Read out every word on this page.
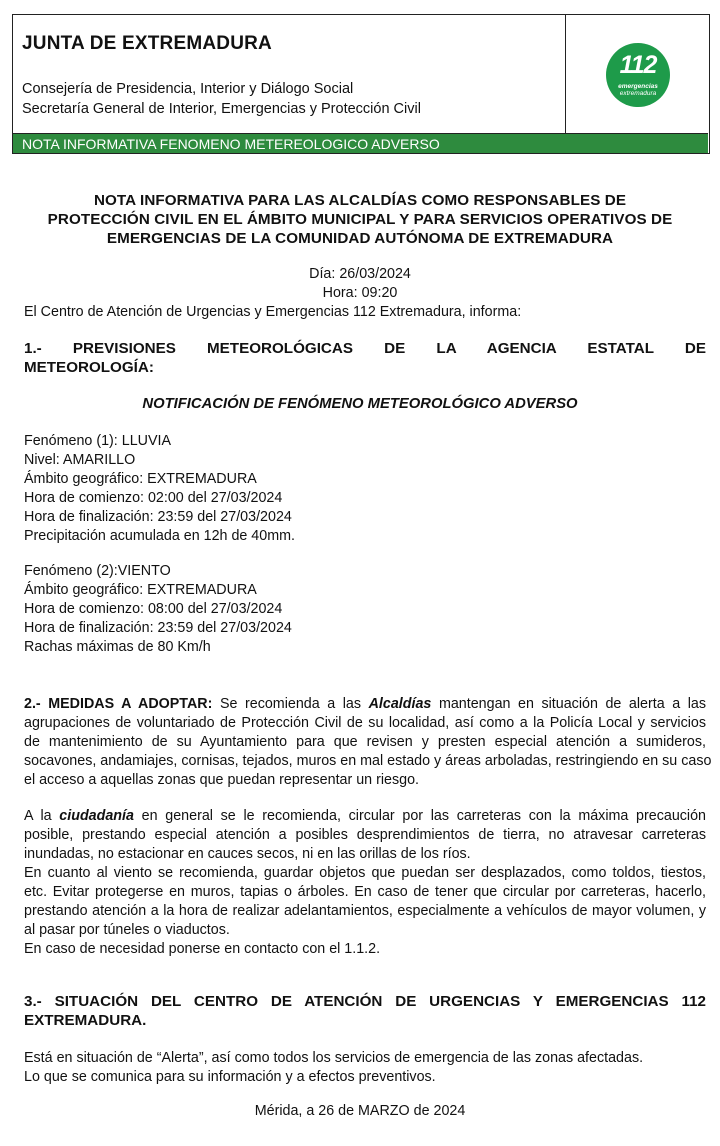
JUNTA DE EXTREMADURA
Consejería de Presidencia, Interior y Diálogo Social
Secretaría General de Interior, Emergencias y Protección Civil
112
emergencias
extremadura
NOTA INFORMATIVA FENOMENO METEREOLOGICO ADVERSO
NOTA INFORMATIVA PARA LAS ALCALDÍAS COMO RESPONSABLES DE
PROTECCIÓN CIVIL EN EL ÁMBITO MUNICIPAL Y PARA SERVICIOS OPERATIVOS DE
EMERGENCIAS DE LA COMUNIDAD AUTÓNOMA DE EXTREMADURA
Día: 26/03/2024
Hora: 09:20
El Centro de Atención de Urgencias y Emergencias 112 Extremadura, informa:
1.- PREVISIONES METEOROLÓGICAS DE LA AGENCIA ESTATAL DE
METEOROLOGÍA:
NOTIFICACIÓN DE FENÓMENO METEOROLÓGICO ADVERSO
Fenómeno (1): LLUVIA
Nivel: AMARILLO
Ámbito geográfico: EXTREMADURA
Hora de comienzo: 02:00 del 27/03/2024
Hora de finalización: 23:59 del 27/03/2024
Precipitación acumulada en 12h de 40mm.
Fenómeno (2):VIENTO
Ámbito geográfico: EXTREMADURA
Hora de comienzo: 08:00 del 27/03/2024
Hora de finalización: 23:59 del 27/03/2024
Rachas máximas de 80 Km/h
2.- MEDIDAS A ADOPTAR: Se recomienda a las Alcaldías mantengan en situación de alerta a las
agrupaciones de voluntariado de Protección Civil de su localidad, así como a la Policía Local y servicios
de mantenimiento de su Ayuntamiento para que revisen y presten especial atención a sumideros,
socavones, andamiajes, cornisas, tejados, muros en mal estado y áreas arboladas, restringiendo en su caso
el acceso a aquellas zonas que puedan representar un riesgo.
A la ciudadanía en general se le recomienda, circular por las carreteras con la máxima precaución
posible, prestando especial atención a posibles desprendimientos de tierra, no atravesar carreteras
inundadas, no estacionar en cauces secos, ni en las orillas de los ríos.
En cuanto al viento se recomienda, guardar objetos que puedan ser desplazados, como toldos, tiestos,
etc. Evitar protegerse en muros, tapias o árboles. En caso de tener que circular por carreteras, hacerlo,
prestando atención a la hora de realizar adelantamientos, especialmente a vehículos de mayor volumen, y
al pasar por túneles o viaductos.
En caso de necesidad ponerse en contacto con el 1.1.2.
3.- SITUACIÓN DEL CENTRO DE ATENCIÓN DE URGENCIAS Y EMERGENCIAS 112
EXTREMADURA.
Está en situación de “Alerta”, así como todos los servicios de emergencia de las zonas afectadas.
Lo que se comunica para su información y a efectos preventivos.
Mérida, a 26 de MARZO de 2024
